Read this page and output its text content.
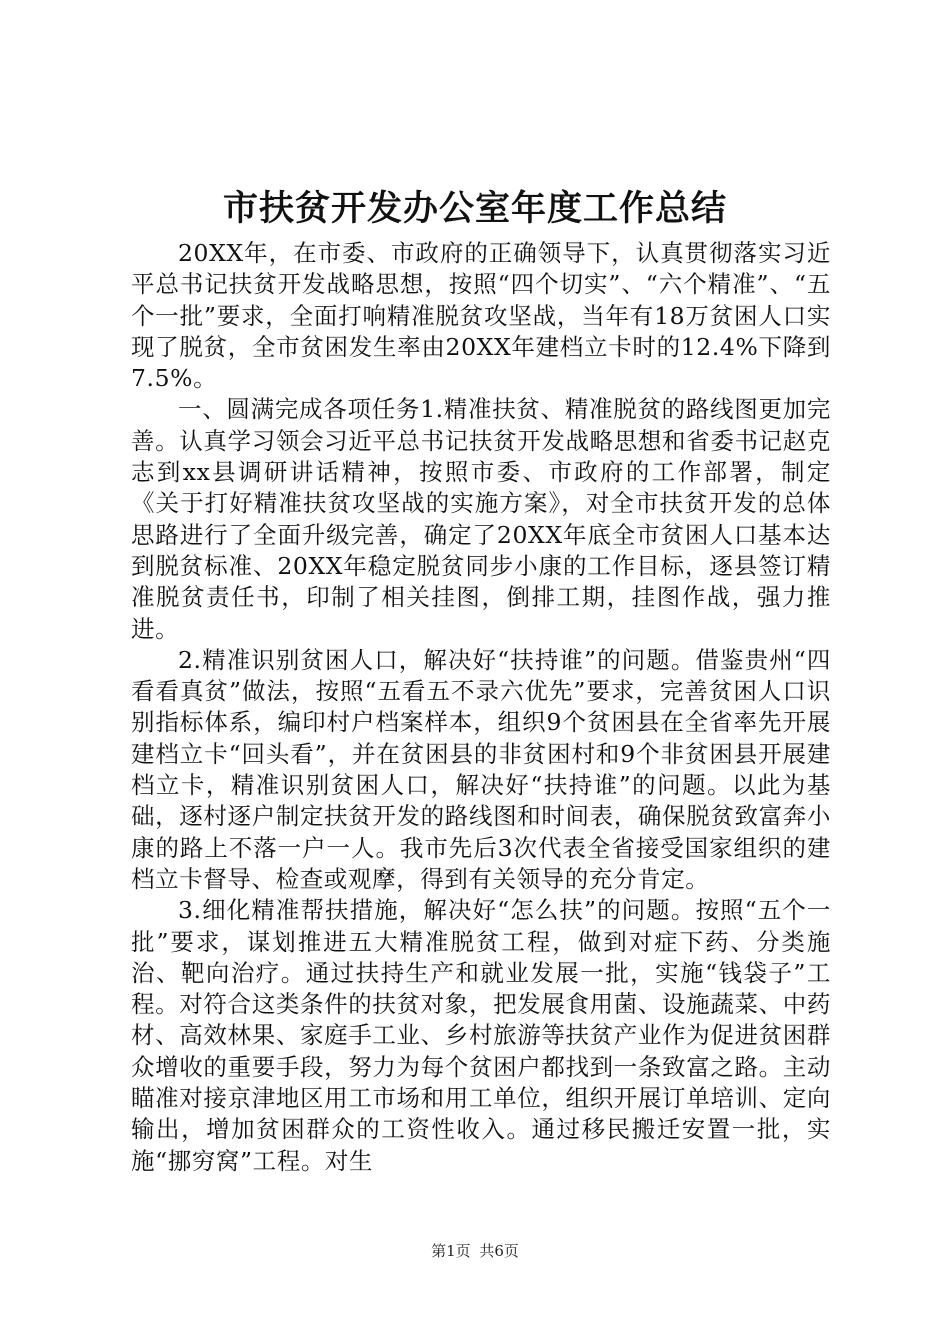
市扶贫开发办公室年度工作总结

20XX年，在市委、市政府的正确领导下，认真贯彻落实习近平总书记扶贫开发战略思想，按照“四个切实”、“六个精准”、“五个一批”要求，全面打响精准脱贫攻坚战，当年有18万贫困人口实现了脱贫，全市贫困发生率由20XX年建档立卡时的12.4%下降到7.5%。

一、圆满完成各项任务1.精准扶贫、精准脱贫的路线图更加完善。认真学习领会习近平总书记扶贫开发战略思想和省委书记赵克志到xx县调研讲话精神，按照市委、市政府的工作部署，制定《关于打好精准扶贫攻坚战的实施方案》，对全市扶贫开发的总体思路进行了全面升级完善，确定了20XX年底全市贫困人口基本达到脱贫标准、20XX年稳定脱贫同步小康的工作目标，逐县签订精准脱贫责任书，印制了相关挂图，倒排工期，挂图作战，强力推进。

2.精准识别贫困人口，解决好“扶持谁”的问题。借鉴贵州“四看看真贫”做法，按照“五看五不录六优先”要求，完善贫困人口识别指标体系，编印村户档案样本，组织9个贫困县在全省率先开展建档立卡“回头看”，并在贫困县的非贫困村和9个非贫困县开展建档立卡，精准识别贫困人口，解决好“扶持谁”的问题。以此为基础，逐村逐户制定扶贫开发的路线图和时间表，确保脱贫致富奔小康的路上不落一户一人。我市先后3次代表全省接受国家组织的建档立卡督导、检查或观摩，得到有关领导的充分肯定。

3.细化精准帮扶措施，解决好“怎么扶”的问题。按照“五个一批”要求，谋划推进五大精准脱贫工程，做到对症下药、分类施治、靶向治疗。通过扶持生产和就业发展一批，实施“钱袋子”工程。对符合这类条件的扶贫对象，把发展食用菌、设施蔬菜、中药材、高效林果、家庭手工业、乡村旅游等扶贫产业作为促进贫困群众增收的重要手段，努力为每个贫困户都找到一条致富之路。主动瞄准对接京津地区用工市场和用工单位，组织开展订单培训、定向输出，增加贫困群众的工资性收入。通过移民搬迁安置一批，实施“挪穷窝”工程。对生

第1页 共6页
